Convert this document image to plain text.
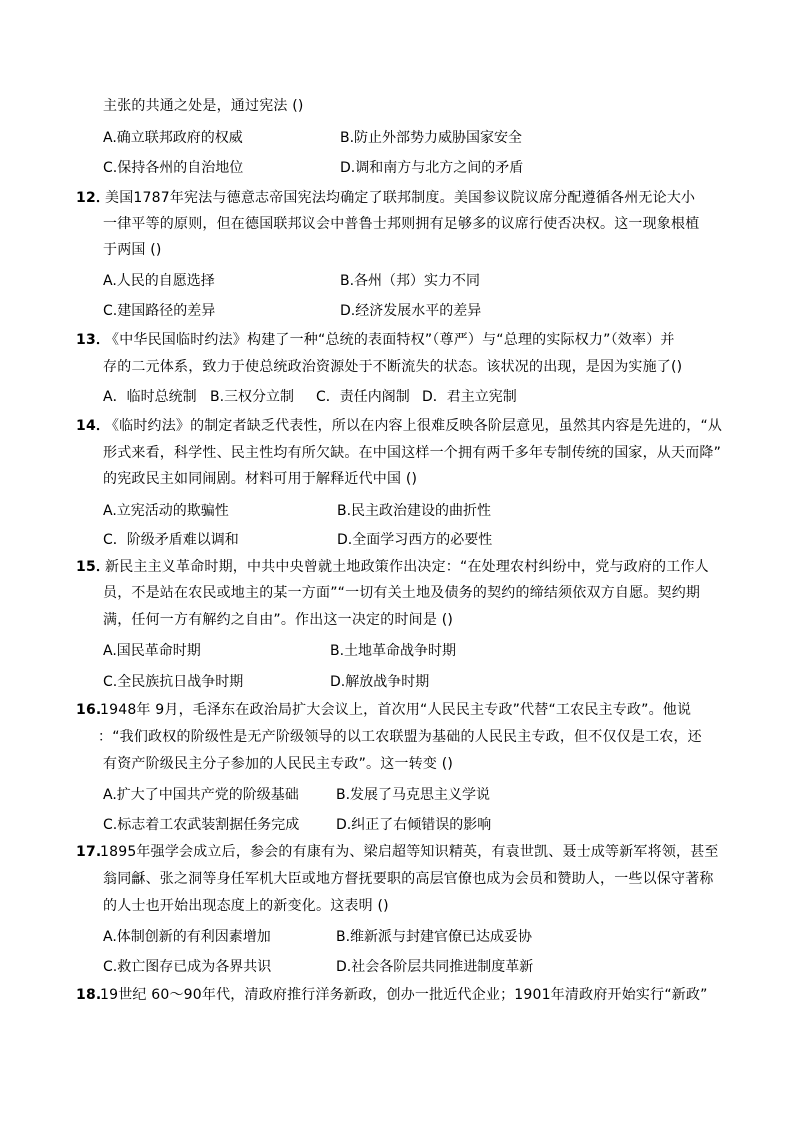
主张的共通之处是，通过宪法 ()
A.确立联邦政府的权威	B.防止外部势力威胁国家安全
C.保持各州的自治地位	D.调和南方与北方之间的矛盾
12．
美国1787年宪法与德意志帝国宪法均确定了联邦制度。美国参议院议席分配遵循各州无论大小
一律平等的原则，但在德国联邦议会中普鲁士邦则拥有足够多的议席行使否决权。这一现象根植
于两国 ()
A.人民的自愿选择	B.各州（邦）实力不同
C.建国路径的差异	D.经济发展水平的差异
13．
《中华民国临时约法》构建了一种“总统的表面特权”（尊严）与“总理的实际权力”（效率）并
存的二元体系，致力于使总统政治资源处于不断流失的状态。该状况的出现，是因为实施了()
A．临时总统制 B.三权分立制 C．责任内阁制 D．君主立宪制
14．
《临时约法》的制定者缺乏代表性，所以在内容上很难反映各阶层意见，虽然其内容是先进的，“从
形式来看，科学性、民主性均有所欠缺。在中国这样一个拥有两千多年专制传统的国家，从天而降”
的宪政民主如同闹剧。材料可用于解释近代中国 ()
A.立宪活动的欺骗性	B.民主政治建设的曲折性
C．阶级矛盾难以调和	D.全面学习西方的必要性
15．
新民主主义革命时期，中共中央曾就土地政策作出决定：“在处理农村纠纷中，党与政府的工作人
员，不是站在农民或地主的某一方面”“一切有关土地及债务的契约的缔结须依双方自愿。契约期
满，任何一方有解约之自由”。作出这一决定的时间是 ()
A.国民革命时期	B.土地革命战争时期
C.全民族抗日战争时期	D.解放战争时期
16.
1948年 9月，毛泽东在政治局扩大会议上，首次用“人民民主专政”代替“工农民主专政”。他说
：“我们政权的阶级性是无产阶级领导的以工农联盟为基础的人民民主专政，但不仅仅是工农，还
有资产阶级民主分子参加的人民民主专政”。这一转变 ()
A.扩大了中国共产党的阶级基础	B.发展了马克思主义学说
C.标志着工农武装割据任务完成	D.纠正了右倾错误的影响
17.
1895年强学会成立后，参会的有康有为、梁启超等知识精英，有袁世凯、聂士成等新军将领，甚至
翁同龢、张之洞等身任军机大臣或地方督抚要职的高层官僚也成为会员和赞助人，一些以保守著称
的人士也开始出现态度上的新变化。这表明 ()
A.体制创新的有利因素增加	B.维新派与封建官僚已达成妥协
C.救亡图存已成为各界共识	D.社会各阶层共同推进制度革新
18.
19世纪 60～90年代，清政府推行洋务新政，创办一批近代企业；1901年清政府开始实行“新政”
